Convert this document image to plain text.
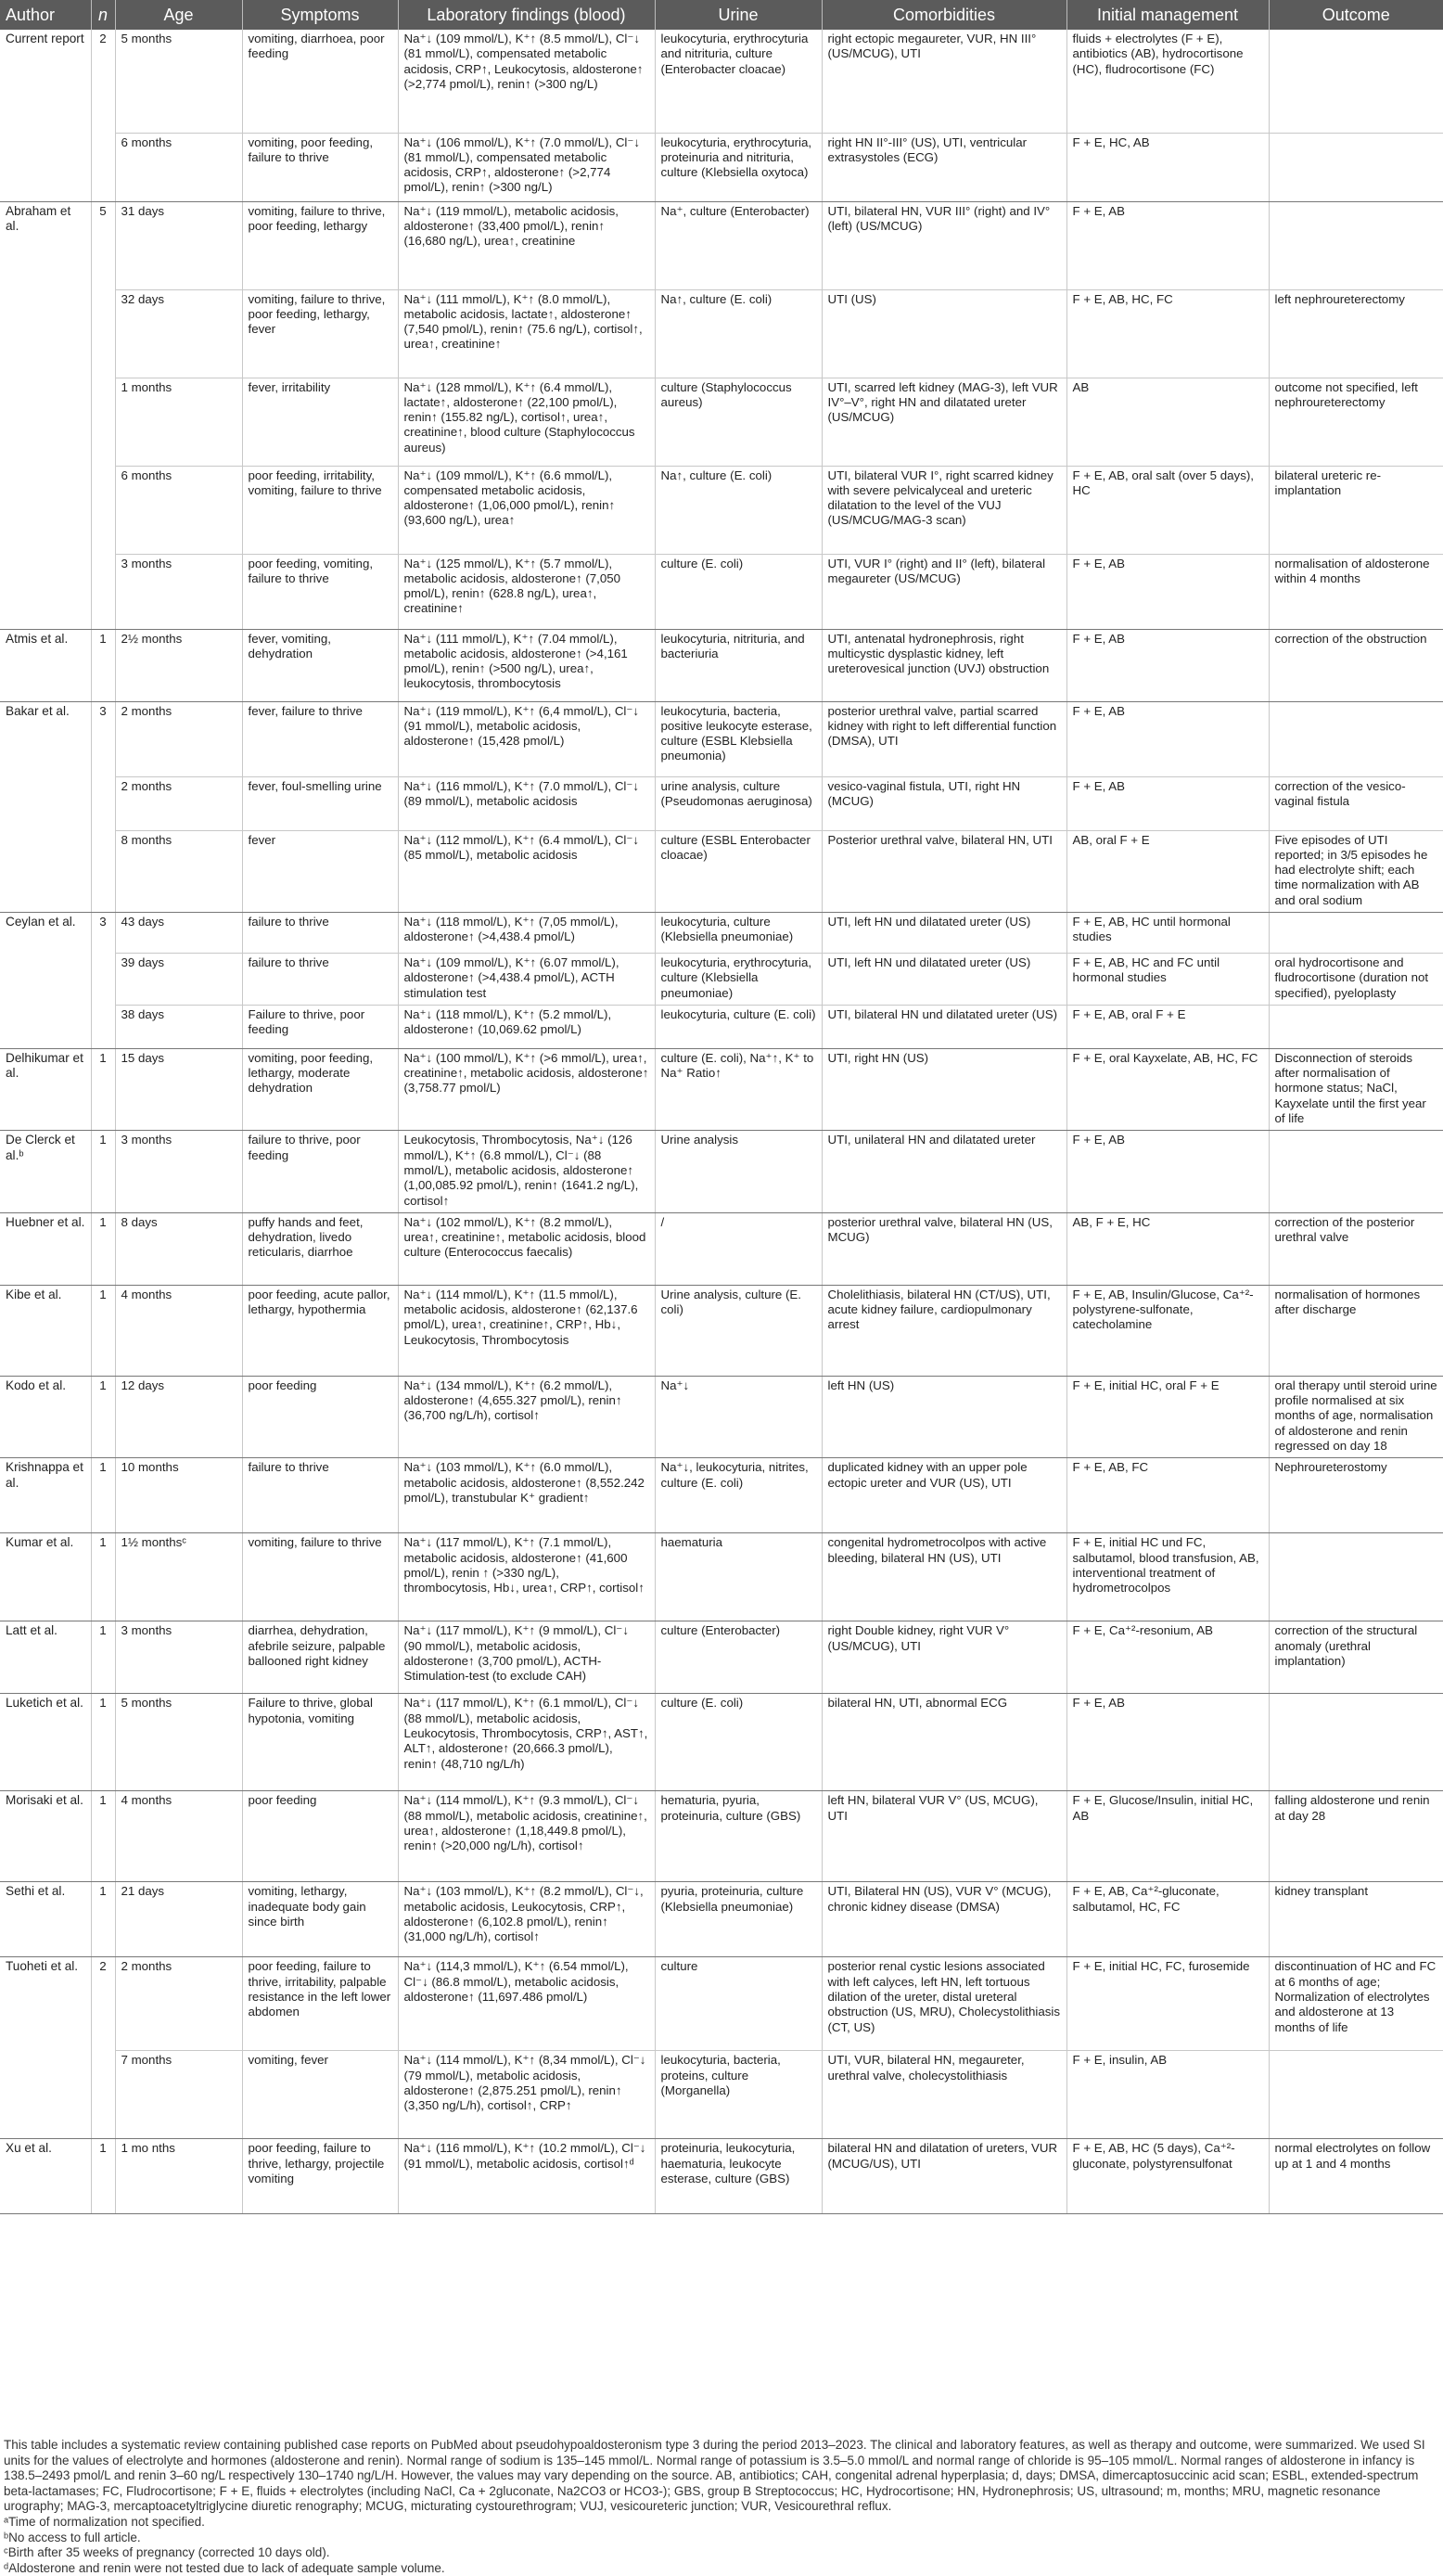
Author	n	Age	Symptoms	Laboratory findings (blood)	Urine	Comorbidities	Initial management	Outcome
Current report	2	5 months	vomiting, diarrhoea, poor feeding	Na⁺↓ (109 mmol/L), K⁺↑ (8.5 mmol/L), Cl⁻↓ (81 mmol/L), compensated metabolic acidosis, CRP↑, Leukocytosis, aldosterone↑ (>2,774 pmol/L), renin↑ (>300 ng/L)	leukocyturia, erythrocyturia and nitrituria, culture (Enterobacter cloacae)	right ectopic megaureter, VUR, HN III° (US/MCUG), UTI	fluids + electrolytes (F + E), antibiotics (AB), hydrocortisone (HC), fludrocortisone (FC)	
		6 months	vomiting, poor feeding, failure to thrive	Na⁺↓ (106 mmol/L), K⁺↑ (7.0 mmol/L), Cl⁻↓ (81 mmol/L), compensated metabolic acidosis, CRP↑, aldosterone↑ (>2,774 pmol/L), renin↑ (>300 ng/L)	leukocyturia, erythrocyturia, proteinuria and nitrituria, culture (Klebsiella oxytoca)	right HN II°-III° (US), UTI, ventricular extrasystoles (ECG)	F + E, HC, AB	
Abraham et al.	5	31 days	vomiting, failure to thrive, poor feeding, lethargy	Na⁺↓ (119 mmol/L), metabolic acidosis, aldosterone↑ (33,400 pmol/L), renin↑ (16,680 ng/L), urea↑, creatinine	Na⁺, culture (Enterobacter)	UTI, bilateral HN, VUR III° (right) and IV° (left) (US/MCUG)	F + E, AB	
		32 days	vomiting, failure to thrive, poor feeding, lethargy, fever	Na⁺↓ (111 mmol/L), K⁺↑ (8.0 mmol/L), metabolic acidosis, lactate↑, aldosterone↑ (7,540 pmol/L), renin↑ (75.6 ng/L), cortisol↑, urea↑, creatinine↑	Na↑, culture (E. coli)	UTI (US)	F + E, AB, HC, FC	left nephroureterectomy
		1 months	fever, irritability	Na⁺↓ (128 mmol/L), K⁺↑ (6.4 mmol/L), lactate↑, aldosterone↑ (22,100 pmol/L), renin↑ (155.82 ng/L), cortisol↑, urea↑, creatinine↑, blood culture (Staphylococcus aureus)	culture (Staphylococcus aureus)	UTI, scarred left kidney (MAG-3), left VUR IV°–V°, right HN and dilatated ureter (US/MCUG)	AB	outcome not specified, left nephroureterectomy
		6 months	poor feeding, irritability, vomiting, failure to thrive	Na⁺↓ (109 mmol/L), K⁺↑ (6.6 mmol/L), compensated metabolic acidosis, aldosterone↑ (1,06,000 pmol/L), renin↑ (93,600 ng/L), urea↑	Na↑, culture (E. coli)	UTI, bilateral VUR I°, right scarred kidney with severe pelvicalyceal and ureteric dilatation to the level of the VUJ (US/MCUG/MAG-3 scan)	F + E, AB, oral salt (over 5 days), HC	bilateral ureteric re-implantation
		3 months	poor feeding, vomiting, failure to thrive	Na⁺↓ (125 mmol/L), K⁺↑ (5.7 mmol/L), metabolic acidosis, aldosterone↑ (7,050 pmol/L), renin↑ (628.8 ng/L), urea↑, creatinine↑	culture (E. coli)	UTI, VUR I° (right) and II° (left), bilateral megaureter (US/MCUG)	F + E, AB	normalisation of aldosterone within 4 months
Atmis et al.	1	2½ months	fever, vomiting, dehydration	Na⁺↓ (111 mmol/L), K⁺↑ (7.04 mmol/L), metabolic acidosis, aldosterone↑ (>4,161 pmol/L), renin↑ (>500 ng/L), urea↑, leukocytosis, thrombocytosis	leukocyturia, nitrituria, and bacteriuria	UTI, antenatal hydronephrosis, right multicystic dysplastic kidney, left ureterovesical junction (UVJ) obstruction	F + E, AB	correction of the obstruction
Bakar et al.	3	2 months	fever, failure to thrive	Na⁺↓ (119 mmol/L), K⁺↑ (6,4 mmol/L), Cl⁻↓ (91 mmol/L), metabolic acidosis, aldosterone↑ (15,428 pmol/L)	leukocyturia, bacteria, positive leukocyte esterase, culture (ESBL Klebsiella pneumonia)	posterior urethral valve, partial scarred kidney with right to left differential function (DMSA), UTI	F + E, AB	
		2 months	fever, foul-smelling urine	Na⁺↓ (116 mmol/L), K⁺↑ (7.0 mmol/L), Cl⁻↓ (89 mmol/L), metabolic acidosis	urine analysis, culture (Pseudomonas aeruginosa)	vesico-vaginal fistula, UTI, right HN (MCUG)	F + E, AB	correction of the vesico-vaginal fistula
		8 months	fever	Na⁺↓ (112 mmol/L), K⁺↑ (6.4 mmol/L), Cl⁻↓ (85 mmol/L), metabolic acidosis	culture (ESBL Enterobacter cloacae)	Posterior urethral valve, bilateral HN, UTI	AB, oral F + E	Five episodes of UTI reported; in 3/5 episodes he had electrolyte shift; each time normalization with AB and oral sodium
Ceylan et al.	3	43 days	failure to thrive	Na⁺↓ (118 mmol/L), K⁺↑ (7,05 mmol/L), aldosterone↑ (>4,438.4 pmol/L)	leukocyturia, culture (Klebsiella pneumoniae)	UTI, left HN und dilatated ureter (US)	F + E, AB, HC until hormonal studies	
		39 days	failure to thrive	Na⁺↓ (109 mmol/L), K⁺↑ (6.07 mmol/L), aldosterone↑ (>4,438.4 pmol/L), ACTH stimulation test	leukocyturia, erythrocyturia, culture (Klebsiella pneumoniae)	UTI, left HN und dilatated ureter (US)	F + E, AB, HC and FC until hormonal studies	oral hydrocortisone and fludrocortisone (duration not specified), pyeloplasty
		38 days	Failure to thrive, poor feeding	Na⁺↓ (118 mmol/L), K⁺↑ (5.2 mmol/L), aldosterone↑ (10,069.62 pmol/L)	leukocyturia, culture (E. coli)	UTI, bilateral HN und dilatated ureter (US)	F + E, AB, oral F + E	
Delhikumar et al.	1	15 days	vomiting, poor feeding, lethargy, moderate dehydration	Na⁺↓ (100 mmol/L), K⁺↑ (>6 mmol/L), urea↑, creatinine↑, metabolic acidosis, aldosterone↑ (3,758.77 pmol/L)	culture (E. coli), Na⁺↑, K⁺ to Na⁺ Ratio↑	UTI, right HN (US)	F + E, oral Kayxelate, AB, HC, FC	Disconnection of steroids after normalisation of hormone status; NaCl, Kayxelate until the first year of life
De Clerck et al.ᵇ	1	3 months	failure to thrive, poor feeding	Leukocytosis, Thrombocytosis, Na⁺↓ (126 mmol/L), K⁺↑ (6.8 mmol/L), Cl⁻↓ (88 mmol/L), metabolic acidosis, aldosterone↑ (1,00,085.92 pmol/L), renin↑ (1641.2 ng/L), cortisol↑	Urine analysis	UTI, unilateral HN and dilatated ureter	F + E, AB	
Huebner et al.	1	8 days	puffy hands and feet, dehydration, livedo reticularis, diarrhoe	Na⁺↓ (102 mmol/L), K⁺↑ (8.2 mmol/L), urea↑, creatinine↑, metabolic acidosis, blood culture (Enterococcus faecalis)	/	posterior urethral valve, bilateral HN (US, MCUG)	AB, F + E, HC	correction of the posterior urethral valve
Kibe et al.	1	4 months	poor feeding, acute pallor, lethargy, hypothermia	Na⁺↓ (114 mmol/L), K⁺↑ (11.5 mmol/L), metabolic acidosis, aldosterone↑ (62,137.6 pmol/L), urea↑, creatinine↑, CRP↑, Hb↓, Leukocytosis, Thrombocytosis	Urine analysis, culture (E. coli)	Cholelithiasis, bilateral HN (CT/US), UTI, acute kidney failure, cardiopulmonary arrest	F + E, AB, Insulin/Glucose, Ca⁺²-polystyrene-sulfonate, catecholamine	normalisation of hormones after discharge
Kodo et al.	1	12 days	poor feeding	Na⁺↓ (134 mmol/L), K⁺↑ (6.2 mmol/L), aldosterone↑ (4,655.327 pmol/L), renin↑ (36,700 ng/L/h), cortisol↑	Na⁺↓	left HN (US)	F + E, initial HC, oral F + E	oral therapy until steroid urine profile normalised at six months of age, normalisation of aldosterone and renin regressed on day 18
Krishnappa et al.	1	10 months	failure to thrive	Na⁺↓ (103 mmol/L), K⁺↑ (6.0 mmol/L), metabolic acidosis, aldosterone↑ (8,552.242 pmol/L), transtubular K⁺ gradient↑	Na⁺↓, leukocyturia, nitrites, culture (E. coli)	duplicated kidney with an upper pole ectopic ureter and VUR (US), UTI	F + E, AB, FC	Nephroureterostomy
Kumar et al.	1	1½ monthsᶜ	vomiting, failure to thrive	Na⁺↓ (117 mmol/L), K⁺↑ (7.1 mmol/L), metabolic acidosis, aldosterone↑ (41,600 pmol/L), renin ↑ (>330 ng/L), thrombocytosis, Hb↓, urea↑, CRP↑, cortisol↑	haematuria	congenital hydrometrocolpos with active bleeding, bilateral HN (US), UTI	F + E, initial HC und FC, salbutamol, blood transfusion, AB, interventional treatment of hydrometrocolpos	
Latt et al.	1	3 months	diarrhea, dehydration, afebrile seizure, palpable ballooned right kidney	Na⁺↓ (117 mmol/L), K⁺↑ (9 mmol/L), Cl⁻↓ (90 mmol/L), metabolic acidosis, aldosterone↑ (3,700 pmol/L), ACTH-Stimulation-test (to exclude CAH)	culture (Enterobacter)	right Double kidney, right VUR V° (US/MCUG), UTI	F + E, Ca⁺²-resonium, AB	correction of the structural anomaly (urethral implantation)
Luketich et al.	1	5 months	Failure to thrive, global hypotonia, vomiting	Na⁺↓ (117 mmol/L), K⁺↑ (6.1 mmol/L), Cl⁻↓ (88 mmol/L), metabolic acidosis, Leukocytosis, Thrombocytosis, CRP↑, AST↑, ALT↑, aldosterone↑ (20,666.3 pmol/L), renin↑ (48,710 ng/L/h)	culture (E. coli)	bilateral HN, UTI, abnormal ECG	F + E, AB	
Morisaki et al.	1	4 months	poor feeding	Na⁺↓ (114 mmol/L), K⁺↑ (9.3 mmol/L), Cl⁻↓ (88 mmol/L), metabolic acidosis, creatinine↑, urea↑, aldosterone↑ (1,18,449.8 pmol/L), renin↑ (>20,000 ng/L/h), cortisol↑	hematuria, pyuria, proteinuria, culture (GBS)	left HN, bilateral VUR V° (US, MCUG), UTI	F + E, Glucose/Insulin, initial HC, AB	falling aldosterone und renin at day 28
Sethi et al.	1	21 days	vomiting, lethargy, inadequate body gain since birth	Na⁺↓ (103 mmol/L), K⁺↑ (8.2 mmol/L), Cl⁻↓, metabolic acidosis, Leukocytosis, CRP↑, aldosterone↑ (6,102.8 pmol/L), renin↑ (31,000 ng/L/h), cortisol↑	pyuria, proteinuria, culture (Klebsiella pneumoniae)	UTI, Bilateral HN (US), VUR V° (MCUG), chronic kidney disease (DMSA)	F + E, AB, Ca⁺²-gluconate, salbutamol, HC, FC	kidney transplant
Tuoheti et al.	2	2 months	poor feeding, failure to thrive, irritability, palpable resistance in the left lower abdomen	Na⁺↓ (114,3 mmol/L), K⁺↑ (6.54 mmol/L), Cl⁻↓ (86.8 mmol/L), metabolic acidosis, aldosterone↑ (11,697.486 pmol/L)	culture	posterior renal cystic lesions associated with left calyces, left HN, left tortuous dilation of the ureter, distal ureteral obstruction (US, MRU), Cholecystolithiasis (CT, US)	F + E, initial HC, FC, furosemide	discontinuation of HC and FC at 6 months of age; Normalization of electrolytes and aldosterone at 13 months of life
		7 months	vomiting, fever	Na⁺↓ (114 mmol/L), K⁺↑ (8,34 mmol/L), Cl⁻↓ (79 mmol/L), metabolic acidosis, aldosterone↑ (2,875.251 pmol/L), renin↑ (3,350 ng/L/h), cortisol↑, CRP↑	leukocyturia, bacteria, proteins, culture (Morganella)	UTI, VUR, bilateral HN, megaureter, urethral valve, cholecystolithiasis	F + E, insulin, AB	
Xu et al.	1	1 mo nths	poor feeding, failure to thrive, lethargy, projectile vomiting	Na⁺↓ (116 mmol/L), K⁺↑ (10.2 mmol/L), Cl⁻↓ (91 mmol/L), metabolic acidosis, cortisol↑ᵈ	proteinuria, leukocyturia, haematuria, leukocyte esterase, culture (GBS)	bilateral HN and dilatation of ureters, VUR (MCUG/US), UTI	F + E, AB, HC (5 days), Ca⁺²-gluconate, polystyrensulfonat	normal electrolytes on follow up at 1 and 4 months

This table includes a systematic review containing published case reports on PubMed about pseudohypoaldosteronism type 3 during the period 2013–2023. The clinical and laboratory features, as well as therapy and outcome, were summarized. We used SI units for the values of electrolyte and hormones (aldosterone and renin). Normal range of sodium is 135–145 mmol/L. Normal range of potassium is 3.5–5.0 mmol/L and normal range of chloride is 95–105 mmol/L. Normal ranges of aldosterone in infancy is 138.5–2493 pmol/L and renin 3–60 ng/L respectively 130–1740 ng/L/H. However, the values may vary depending on the source. AB, antibiotics; CAH, congenital adrenal hyperplasia; d, days; DMSA, dimercaptosuccinic acid scan; ESBL, extended-spectrum beta-lactamases; FC, Fludrocortisone; F + E, fluids + electrolytes (including NaCl, Ca + 2gluconate, Na2CO3 or HCO3-); GBS, group B Streptococcus; HC, Hydrocortisone; HN, Hydronephrosis; US, ultrasound; m, months; MRU, magnetic resonance urography; MAG-3, mercaptoacetyltriglycine diuretic renography; MCUG, micturating cystourethrogram; VUJ, vesicoureteric junction; VUR, Vesicourethral reflux.

ᵃTime of normalization not specified.

ᵇNo access to full article.

ᶜBirth after 35 weeks of pregnancy (corrected 10 days old).

ᵈAldosterone and renin were not tested due to lack of adequate sample volume.
